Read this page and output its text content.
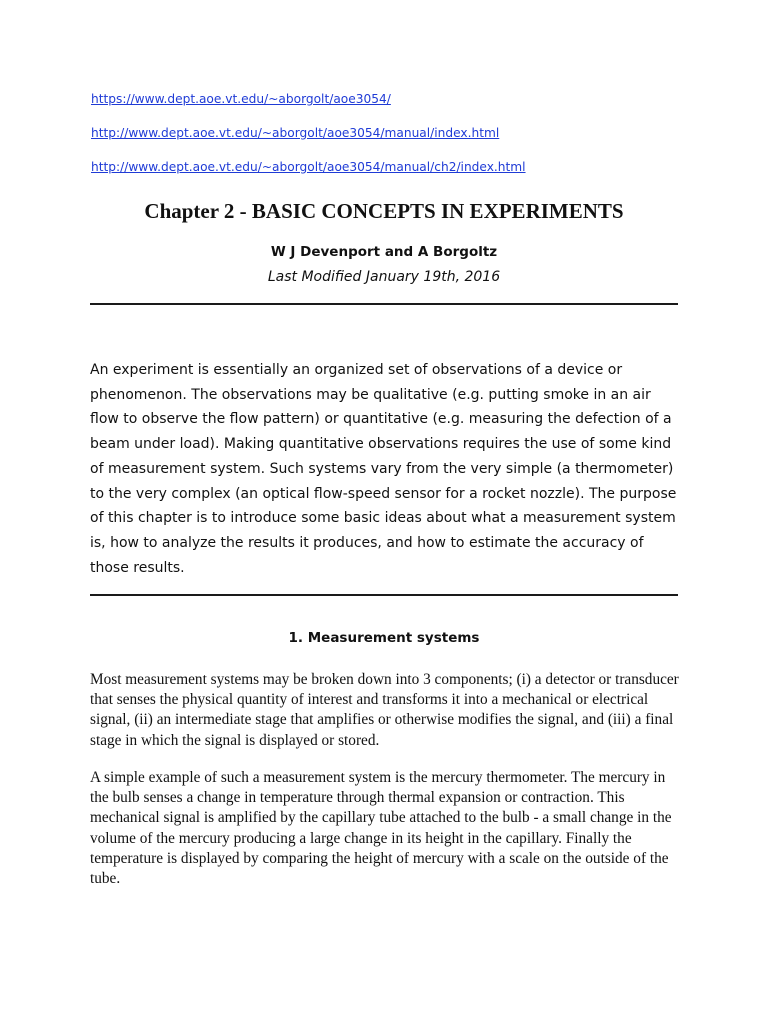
https://www.dept.aoe.vt.edu/~aborgolt/aoe3054/
http://www.dept.aoe.vt.edu/~aborgolt/aoe3054/manual/index.html
http://www.dept.aoe.vt.edu/~aborgolt/aoe3054/manual/ch2/index.html
Chapter 2 - BASIC CONCEPTS IN EXPERIMENTS
W J Devenport and A Borgoltz
Last Modified January 19th, 2016

An experiment is essentially an organized set of observations of a device or phenomenon. The observations may be qualitative (e.g. putting smoke in an air flow to observe the flow pattern) or quantitative (e.g. measuring the defection of a beam under load). Making quantitative observations requires the use of some kind of measurement system. Such systems vary from the very simple (a thermometer) to the very complex (an optical flow-speed sensor for a rocket nozzle). The purpose of this chapter is to introduce some basic ideas about what a measurement system is, how to analyze the results it produces, and how to estimate the accuracy of those results.

1. Measurement systems

Most measurement systems may be broken down into 3 components; (i) a detector or transducer that senses the physical quantity of interest and transforms it into a mechanical or electrical signal, (ii) an intermediate stage that amplifies or otherwise modifies the signal, and (iii) a final stage in which the signal is displayed or stored.

A simple example of such a measurement system is the mercury thermometer. The mercury in the bulb senses a change in temperature through thermal expansion or contraction. This mechanical signal is amplified by the capillary tube attached to the bulb - a small change in the volume of the mercury producing a large change in its height in the capillary. Finally the temperature is displayed by comparing the height of mercury with a scale on the outside of the tube.
